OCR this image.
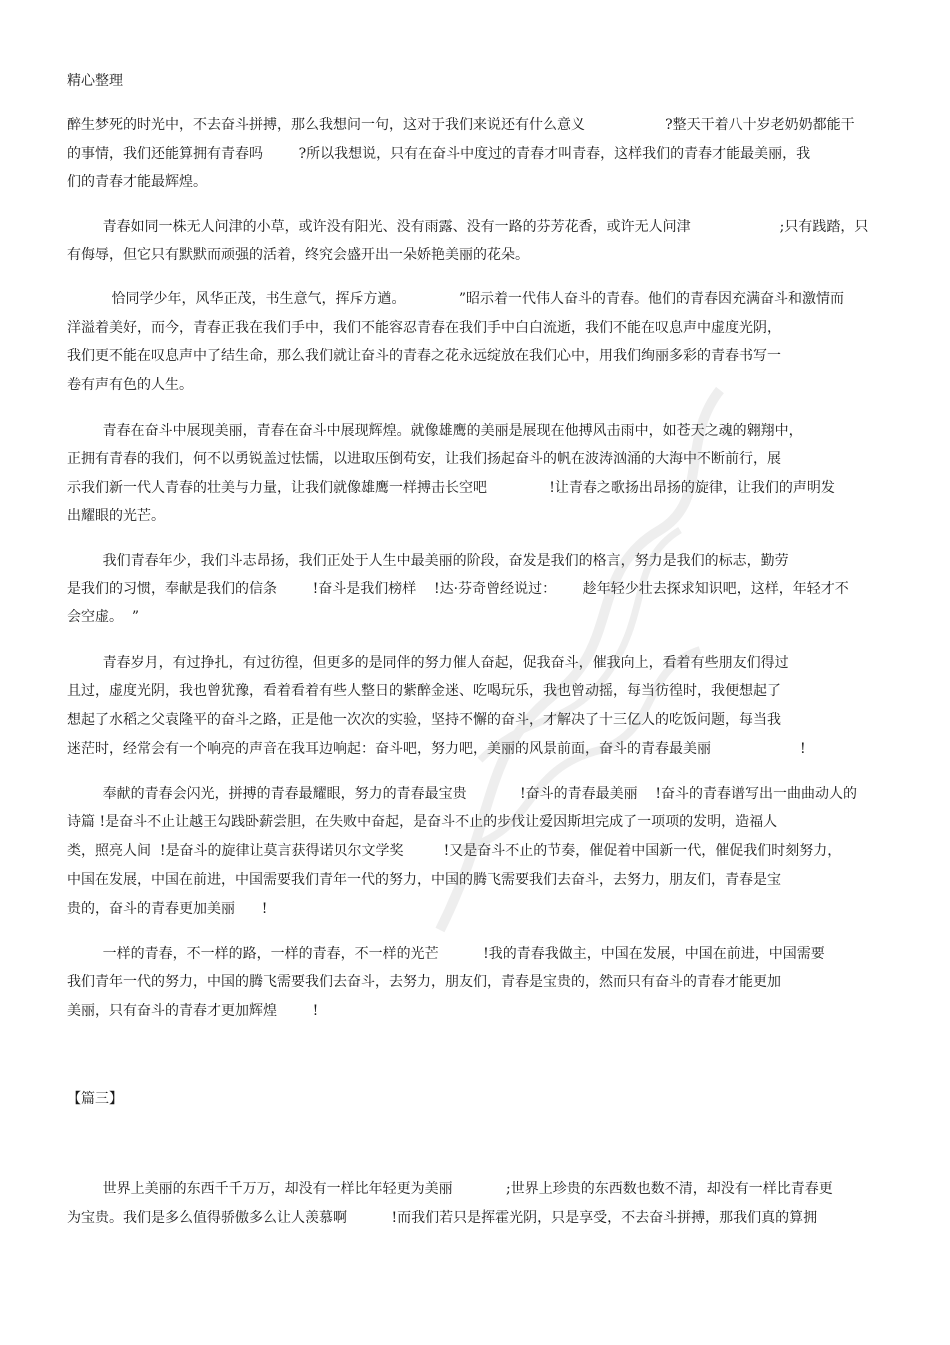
精心整理
醉生梦死的时光中，不去奋斗拼搏，那么我想问一句，这对于我们来说还有什么意义                  ?整天干着八十岁老奶奶都能干
的事情，我们还能算拥有青春吗        ?所以我想说，只有在奋斗中度过的青春才叫青春，这样我们的青春才能最美丽，我
们的青春才能最辉煌。
青春如同一株无人问津的小草，或许没有阳光、没有雨露、没有一路的芬芳花香，或许无人问津                    ;只有践踏，只
有侮辱，但它只有默默而顽强的活着，终究会盛开出一朵娇艳美丽的花朵。
恰同学少年，风华正茂，书生意气，挥斥方遒。            ”昭示着一代伟人奋斗的青春。他们的青春因充满奋斗和激情而
洋溢着美好，而今，青春正我在我们手中，我们不能容忍青春在我们手中白白流逝，我们不能在叹息声中虚度光阴，
我们更不能在叹息声中了结生命，那么我们就让奋斗的青春之花永远绽放在我们心中，用我们绚丽多彩的青春书写一
卷有声有色的人生。
青春在奋斗中展现美丽，青春在奋斗中展现辉煌。就像雄鹰的美丽是展现在他搏风击雨中，如苍天之魂的翱翔中，
正拥有青春的我们，何不以勇锐盖过怯懦，以进取压倒苟安，让我们扬起奋斗的帆在波涛汹涌的大海中不断前行，展
示我们新一代人青春的壮美与力量，让我们就像雄鹰一样搏击长空吧              !让青春之歌扬出昂扬的旋律，让我们的声明发
出耀眼的光芒。
我们青春年少，我们斗志昂扬，我们正处于人生中最美丽的阶段，奋发是我们的格言，努力是我们的标志，勤劳
是我们的习惯，奉献是我们的信条        !奋斗是我们榜样    !达·芬奇曾经说过：      趁年轻少壮去探求知识吧，这样，年轻才不
会空虚。  ”
青春岁月，有过挣扎，有过彷徨，但更多的是同伴的努力催人奋起，促我奋斗，催我向上，看着有些朋友们得过
且过，虚度光阴，我也曾犹豫，看着看着有些人整日的紫醉金迷、吃喝玩乐，我也曾动摇，每当彷徨时，我便想起了
想起了水稻之父袁隆平的奋斗之路，正是他一次次的实验，坚持不懈的奋斗，才解决了十三亿人的吃饭问题，每当我
迷茫时，经常会有一个响亮的声音在我耳边响起：奋斗吧，努力吧，美丽的风景前面，奋斗的青春最美丽                    !
奉献的青春会闪光，拼搏的青春最耀眼，努力的青春最宝贵            !奋斗的青春最美丽    !奋斗的青春谱写出一曲曲动人的
诗篇 !是奋斗不止让越王勾践卧薪尝胆，在失败中奋起，是奋斗不止的步伐让爱因斯坦完成了一项项的发明，造福人
类，照亮人间  !是奋斗的旋律让莫言获得诺贝尔文学奖         !又是奋斗不止的节奏，催促着中国新一代，催促我们时刻努力，
中国在发展，中国在前进，中国需要我们青年一代的努力，中国的腾飞需要我们去奋斗，去努力，朋友们，青春是宝
贵的，奋斗的青春更加美丽      !
一样的青春，不一样的路，一样的青春，不一样的光芒          !我的青春我做主，中国在发展，中国在前进，中国需要
我们青年一代的努力，中国的腾飞需要我们去奋斗，去努力，朋友们，青春是宝贵的，然而只有奋斗的青春才能更加
美丽，只有奋斗的青春才更加辉煌        !
【篇三】
世界上美丽的东西千千万万，却没有一样比年轻更为美丽            ;世界上珍贵的东西数也数不清，却没有一样比青春更
为宝贵。我们是多么值得骄傲多么让人羡慕啊          !而我们若只是挥霍光阴，只是享受，不去奋斗拼搏，那我们真的算拥
